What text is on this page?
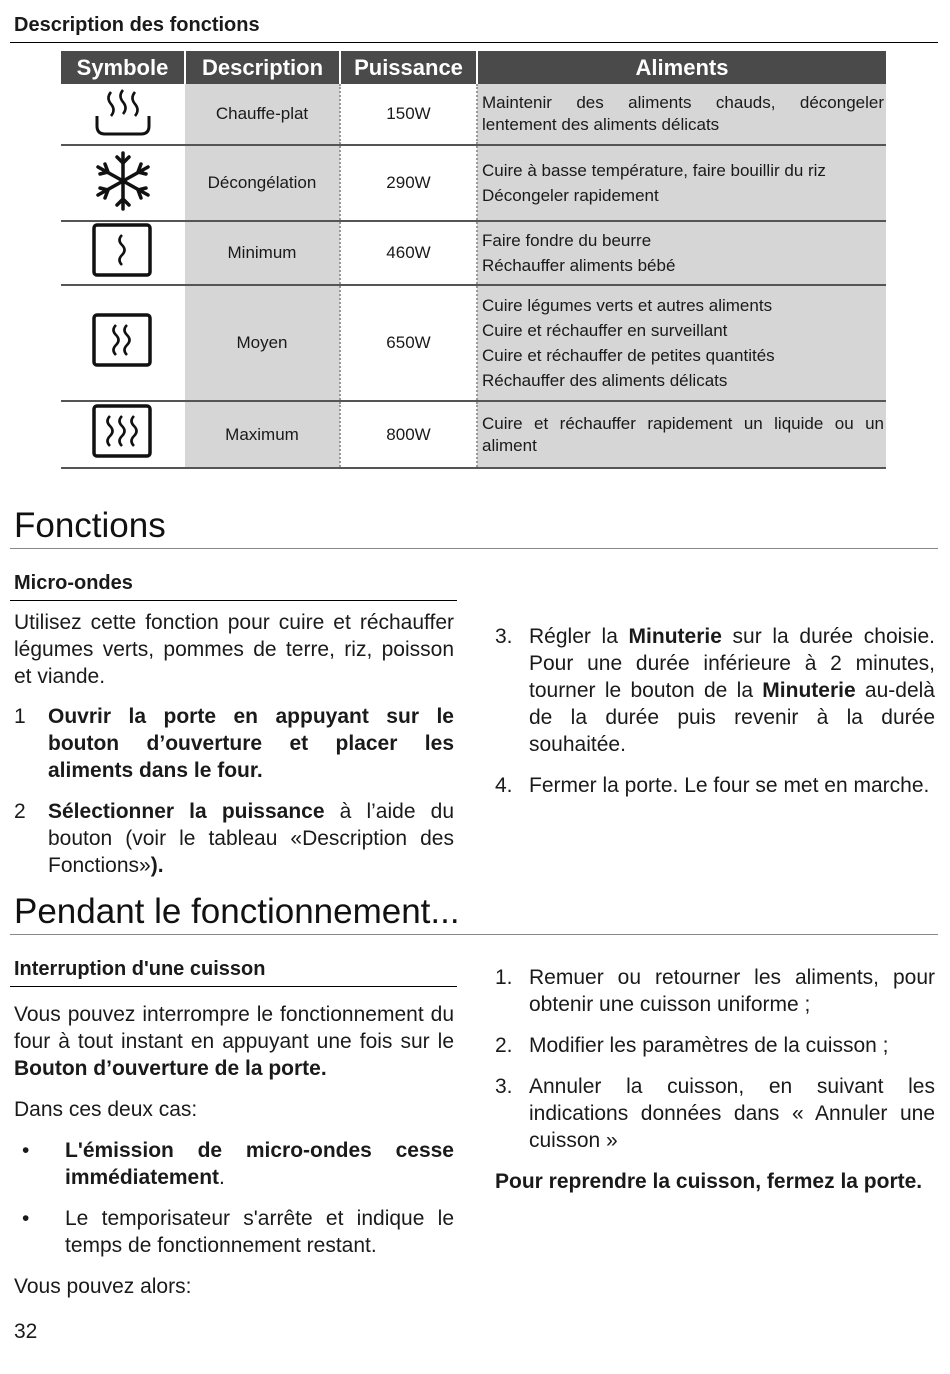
Description des fonctions
Symbole	Description	Puissance	Aliments
	Chauffe-plat	150W	Maintenir des aliments chauds, décongeler lentement des aliments délicats

	Décongélation	290W	Cuire à basse température, faire bouillir du riz
Décongeler rapidement

	Minimum	460W	Faire fondre du beurre
Réchauffer aliments bébé

	Moyen	650W	Cuire légumes verts et autres aliments
Cuire et réchauffer en surveillant
Cuire et réchauffer de petites quantités
Réchauffer des aliments délicats

	Maximum	800W	Cuire et réchauffer rapidement un liquide ou un aliment
Fonctions
Micro-ondes

Utilisez cette fonction pour cuire et réchauffer légumes verts, pommes de terre, riz, poisson et viande.

1 Ouvrir la porte en appuyant sur le bouton d’ouverture et placer les aliments dans le four.
2 Sélectionner la puissance à l’aide du bouton (voir le tableau «Description des Fonctions»).
3. Régler la Minuterie sur la durée choisie. Pour une durée inférieure à 2 minutes, tourner le bouton de la Minuterie au-delà de la durée puis revenir à la durée souhaitée.
4. Fermer la porte. Le four se met en marche.
Pendant le fonctionnement...
Interruption d'une cuisson

Vous pouvez interrompre le fonctionnement du four à tout instant en appuyant une fois sur le Bouton d’ouverture de la porte.

Dans ces deux cas:

• L'émission de micro-ondes cesse immédiatement.
• Le temporisateur s'arrête et indique le temps de fonctionnement restant.

Vous pouvez alors:

1. Remuer ou retourner les aliments, pour obtenir une cuisson uniforme ;
2. Modifier les paramètres de la cuisson ;
3. Annuler la cuisson, en suivant les indications données dans « Annuler une cuisson »

Pour reprendre la cuisson, fermez la porte.

32
